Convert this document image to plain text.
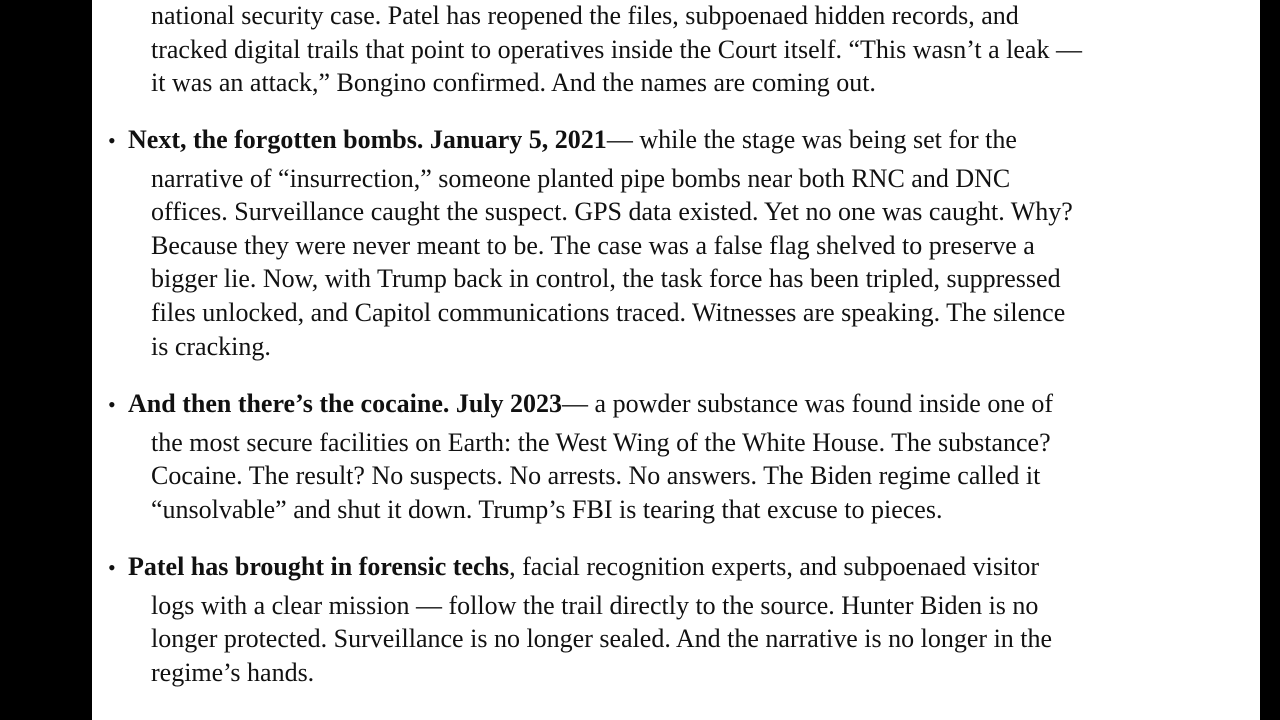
national security case. Patel has reopened the files, subpoenaed hidden records, and
tracked digital trails that point to operatives inside the Court itself. “This wasn’t a leak —
it was an attack,” Bongino confirmed. And the names are coming out.
• Next, the forgotten bombs. January 5, 2021 — while the stage was being set for the
narrative of “insurrection,” someone planted pipe bombs near both RNC and DNC
offices. Surveillance caught the suspect. GPS data existed. Yet no one was caught. Why?
Because they were never meant to be. The case was a false flag shelved to preserve a
bigger lie. Now, with Trump back in control, the task force has been tripled, suppressed
files unlocked, and Capitol communications traced. Witnesses are speaking. The silence
is cracking.
• And then there’s the cocaine. July 2023 — a powder substance was found inside one of
the most secure facilities on Earth: the West Wing of the White House. The substance?
Cocaine. The result? No suspects. No arrests. No answers. The Biden regime called it
“unsolvable” and shut it down. Trump’s FBI is tearing that excuse to pieces.
• Patel has brought in forensic techs , facial recognition experts, and subpoenaed visitor
logs with a clear mission — follow the trail directly to the source. Hunter Biden is no
longer protected. Surveillance is no longer sealed. And the narrative is no longer in the
regime’s hands.
